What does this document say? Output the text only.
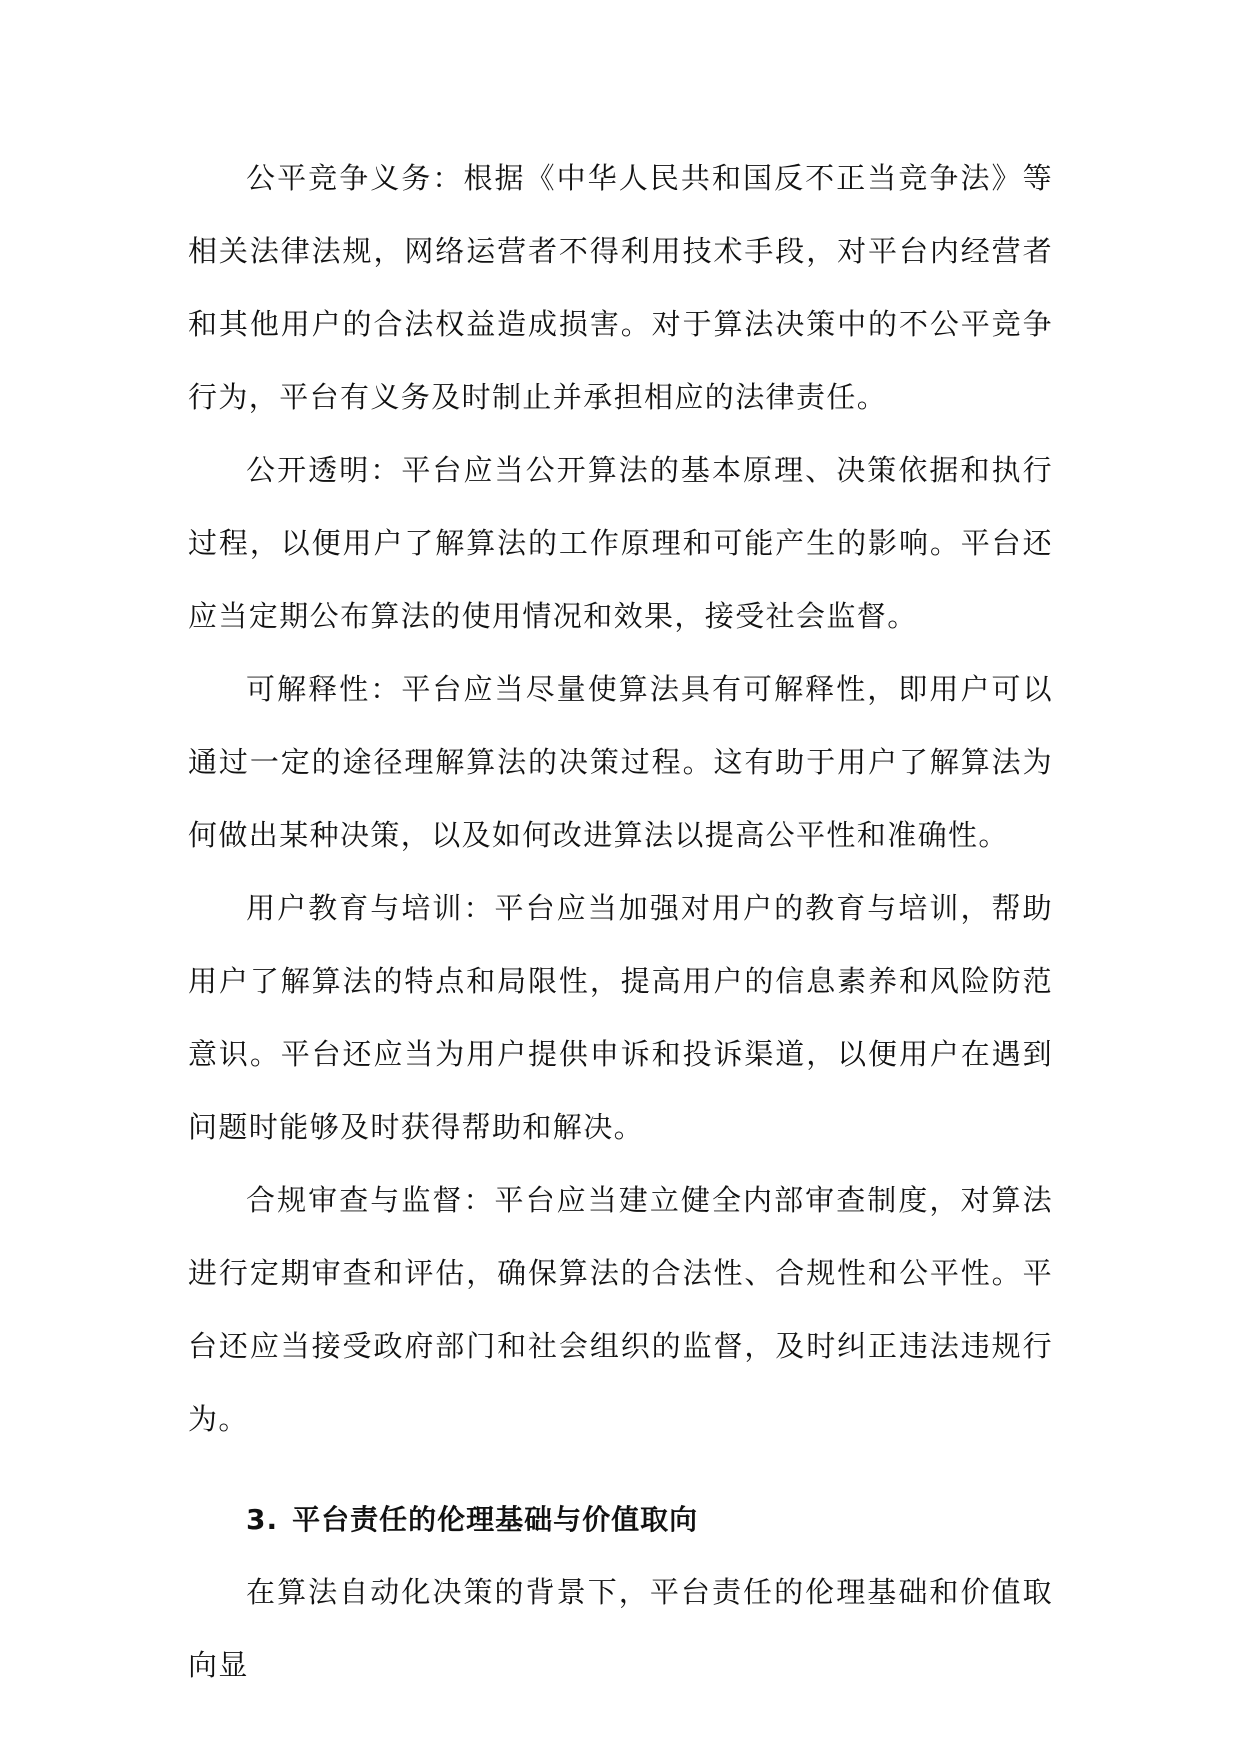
公平竞争义务：根据《中华人民共和国反不正当竞争法》等相关法律法规，网络运营者不得利用技术手段，对平台内经营者和其他用户的合法权益造成损害。对于算法决策中的不公平竞争行为，平台有义务及时制止并承担相应的法律责任。

公开透明：平台应当公开算法的基本原理、决策依据和执行过程，以便用户了解算法的工作原理和可能产生的影响。平台还应当定期公布算法的使用情况和效果，接受社会监督。

可解释性：平台应当尽量使算法具有可解释性，即用户可以通过一定的途径理解算法的决策过程。这有助于用户了解算法为何做出某种决策，以及如何改进算法以提高公平性和准确性。

用户教育与培训：平台应当加强对用户的教育与培训，帮助用户了解算法的特点和局限性，提高用户的信息素养和风险防范意识。平台还应当为用户提供申诉和投诉渠道，以便用户在遇到问题时能够及时获得帮助和解决。

合规审查与监督：平台应当建立健全内部审查制度，对算法进行定期审查和评估，确保算法的合法性、合规性和公平性。平台还应当接受政府部门和社会组织的监督，及时纠正违法违规行为。

3. 平台责任的伦理基础与价值取向

在算法自动化决策的背景下，平台责任的伦理基础和价值取向显
